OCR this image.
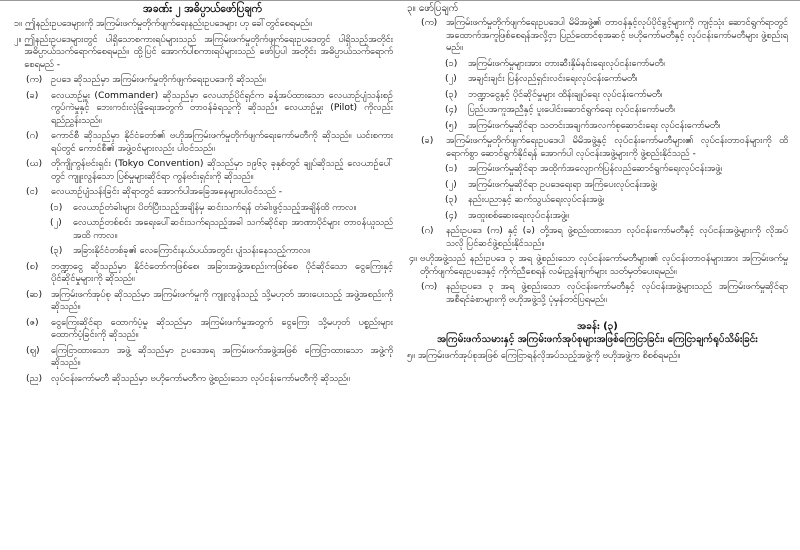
အခဏ်း ၂ အဓိပ္ပာယ်ဖော်ပြချက်
၁။ ဤနည်းဥပဒေများကို အကြမ်းဖက်မှုတိုက်ဖျက်ရေးနည်းဥပဒေများ ဟု ခေါ်တွင်စေရမည်။
၂။ ဤနည်းဥပဒေများတွင် ပါရှိသောစကားရပ်များသည် အကြမ်းဖက်မှုတိုက်ဖျက်ရေးဥပဒေတွင် ပါရှိသည့်အတိုင်း အဓိပ္ပာယ်သက်ရောက်စေရမည်။ ထို့ပြင် အောက်ပါစကားရပ်များသည် ဖော်ပြပါ အတိုင်း အဓိပ္ပာယ်သက်ရောက်စေရမည် -
(က) ဥပဒေ ဆိုသည်မှာ အကြမ်းဖက်မှုတိုက်ဖျက်ရေးဥပဒေကို ဆိုသည်။
(ခ)	လေယာဉ်မှူး (Commander) ဆိုသည်မှာ လေယာဉ်ပိုင်ရှင်က ခန့်အပ်ထားသော လေယာဉ်ပျံသန်းစဉ် ကွပ်ကဲမှုနှင့် ဘေးကင်းလုံခြုံရေးအတွက် တာဝန်ခံရသူကို ဆိုသည်။ လေယာဉ်မှူး (Pilot) ကိုလည်း ရည်ညွှန်းသည်။
(ဂ)	ကောင်စီ ဆိုသည်မှာ နိုင်ငံတော်၏ ဗဟိုအကြမ်းဖက်မှုတိုက်ဖျက်ရေးကော်မတီကို ဆိုသည်။ ယင်းစကားရပ်တွင် ကောင်စီ၏ အဖွဲ့ဝင်များလည်း ပါဝင်သည်။
(ဃ) တိုကျိုကွန်ဗင်းရှင်း (Tokyo Convention) ဆိုသည်မှာ ၁၉၆၃ ခုနှစ်တွင် ချုပ်ဆိုသည့် လေယာဉ်ပေါ်တွင် ကျူးလွန်သော ပြစ်မှုများဆိုင်ရာ ကွန်ဗင်းရှင်းကို ဆိုသည်။
(င)	လေယာဉ်ပျံသန်းခြင်း ဆိုရာတွင် အောက်ပါအခြေအနေများပါဝင်သည် -
(၁)	လေယာဉ်တံခါးများ ပိတ်ပြီးသည့်အချိန်မှ ဆင်းသက်ရန် တံခါးဖွင့်သည့်အချိန်ထိ ကာလ။
(၂)	လေယာဉ်တစ်စင်း အရေးပေါ်ဆင်းသက်ရသည့်အခါ သက်ဆိုင်ရာ အာဏာပိုင်များ တာဝန်ယူသည်အထိ ကာလ။
(၃)	အခြားနိုင်ငံတစ်ခု၏ လေကြောင်းနယ်ပယ်အတွင်း ပျံသန်းနေသည့်ကာလ။
(စ)	ဘဏ္ဍာငွေ ဆိုသည်မှာ နိုင်ငံတော်ကဖြစ်စေ၊ အခြားအဖွဲ့အစည်းကဖြစ်စေ ပိုင်ဆိုင်သော ငွေကြေးနှင့် ပိုင်ဆိုင်မှုများကို ဆိုသည်။
(ဆ) အကြမ်းဖက်အုပ်စု ဆိုသည်မှာ အကြမ်းဖက်မှုကို ကျူးလွန်သည့် သို့မဟုတ် အားပေးသည့် အဖွဲ့အစည်းကို ဆိုသည်။
(ဇ)	ငွေကြေးဆိုင်ရာ ထောက်ပံ့မှု ဆိုသည်မှာ အကြမ်းဖက်မှုအတွက် ငွေကြေး သို့မဟုတ် ပစ္စည်းများ ထောက်ပံ့ခြင်းကို ဆိုသည်။
(ဈ)	ကြေငြာထားသော အဖွဲ့ ဆိုသည်မှာ ဥပဒေအရ အကြမ်းဖက်အဖွဲ့အဖြစ် ကြေငြာထားသော အဖွဲ့ကို ဆိုသည်။
(ည) လုပ်ငန်းကော်မတီ ဆိုသည်မှာ ဗဟိုကော်မတီက ဖွဲ့စည်းသော လုပ်ငန်းကော်မတီကို ဆိုသည်။
၃။ ဖော်ပြချက်
(က) အကြမ်းဖက်မှုတိုက်ဖျက်ရေးဥပဒေပါ မိမိအဖွဲ့၏ တာဝန်နှင့်လုပ်ပိုင်ခွင့်များကို ကျင့်သုံး ဆောင်ရွက်ရာတွင် အထောက်အကူဖြစ်စေရန်အလို့ငှာ ပြည်ထောင်စုအဆင့် ဗဟိုကော်မတီနှင့် လုပ်ငန်းကော်မတီများ ဖွဲ့စည်းရမည်။
(၁)	အကြမ်းဖက်မှုများအား တားဆီးနှိမ်နင်းရေးလုပ်ငန်းကော်မတီ၊
(၂)	အချင်းချင်း ပြန်လည်ရှင်းလင်းရေးလုပ်ငန်းကော်မတီ၊
(၃)	ဘဏ္ဍာငွေနှင့် ပိုင်ဆိုင်မှုများ ထိန်းချုပ်ရေး လုပ်ငန်းကော်မတီ၊
(၄)	ပြည်ပအကူအညီနှင့် ပူးပေါင်းဆောင်ရွက်ရေး လုပ်ငန်းကော်မတီ၊
(၅)	အကြမ်းဖက်မှုဆိုင်ရာ သတင်းအချက်အလက်စုဆောင်းရေး လုပ်ငန်းကော်မတီ၊
(ခ)	အကြမ်းဖက်မှုတိုက်ဖျက်ရေးဥပဒေပါ မိမိအဖွဲ့နှင့် လုပ်ငန်းကော်မတီများ၏ လုပ်ငန်းတာဝန်များကို ထိရောက်စွာ ဆောင်ရွက်နိုင်ရန် အောက်ပါ လုပ်ငန်းအဖွဲ့များကို ဖွဲ့စည်းနိုင်သည် -
(၁)	အကြမ်းဖက်မှုဆိုင်ရာ အထိုက်အလျောက်ပြန်လည်ဆောင်ရွက်ရေးလုပ်ငန်းအဖွဲ့၊
(၂)	အကြမ်းဖက်မှုဆိုင်ရာ ဥပဒေရေးရာ အကြံပေးလုပ်ငန်းအဖွဲ့၊
(၃)	နည်းပညာနှင့် ဆက်သွယ်ရေးလုပ်ငန်းအဖွဲ့၊
(၄)	အထူးစစ်ဆေးရေးလုပ်ငန်းအဖွဲ့။
(ဂ)	နည်းဥပဒေ (က) နှင့် (ခ) တို့အရ ဖွဲ့စည်းထားသော လုပ်ငန်းကော်မတီနှင့် လုပ်ငန်းအဖွဲ့များကို လိုအပ်သလို ပြင်ဆင်ဖွဲ့စည်းနိုင်သည်။
၄။ ဗဟိုအဖွဲ့သည် နည်းဥပဒေ ၃ အရ ဖွဲ့စည်းသော လုပ်ငန်းကော်မတီများ၏ လုပ်ငန်းတာဝန်များအား အကြမ်းဖက်မှုတိုက်ဖျက်ရေးဥပဒေနှင့် ကိုက်ညီစေရန် လမ်းညွှန်ချက်များ သတ်မှတ်ပေးရမည်။
(က) နည်းဥပဒေ ၃ အရ ဖွဲ့စည်းသော လုပ်ငန်းကော်မတီနှင့် လုပ်ငန်းအဖွဲ့များသည် အကြမ်းဖက်မှုဆိုင်ရာ အစီရင်ခံစာများကို ဗဟိုအဖွဲ့သို့ ပုံမှန်တင်ပြရမည်။
အခန်း (၃)
အကြမ်းဖက်သမားနှင့် အကြမ်းဖက်အုပ်စုများအဖြစ်ကြေငြာခြင်း၊ ကြေငြာချက်ရုပ်သိမ်းခြင်း
၅။ အကြမ်းဖက်အုပ်စုအဖြစ် ကြေငြာရန်လိုအပ်သည့်အဖွဲ့ကို ဗဟိုအဖွဲ့က စိစစ်ရမည်။
